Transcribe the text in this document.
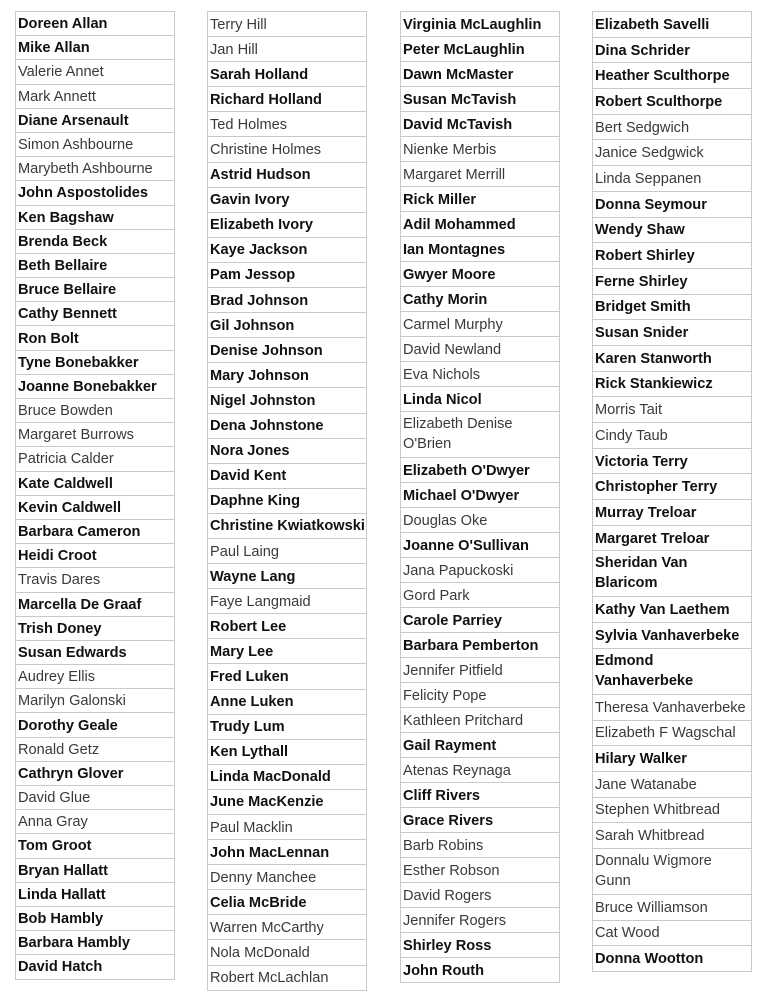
Doreen Allan
Mike Allan
Valerie Annet
Mark Annett
Diane Arsenault
Simon Ashbourne
Marybeth Ashbourne
John Aspostolides
Ken Bagshaw
Brenda Beck
Beth Bellaire
Bruce Bellaire
Cathy Bennett
Ron Bolt
Tyne Bonebakker
Joanne Bonebakker
Bruce Bowden
Margaret Burrows
Patricia Calder
Kate Caldwell
Kevin Caldwell
Barbara Cameron
Heidi Croot
Travis Dares
Marcella De Graaf
Trish Doney
Susan Edwards
Audrey Ellis
Marilyn Galonski
Dorothy Geale
Ronald Getz
Cathryn Glover
David Glue
Anna Gray
Tom Groot
Bryan Hallatt
Linda Hallatt
Bob Hambly
Barbara Hambly
David Hatch
Terry Hill
Jan Hill
Sarah Holland
Richard Holland
Ted Holmes
Christine Holmes
Astrid Hudson
Gavin Ivory
Elizabeth Ivory
Kaye Jackson
Pam Jessop
Brad Johnson
Gil Johnson
Denise Johnson
Mary Johnson
Nigel Johnston
Dena Johnstone
Nora Jones
David Kent
Daphne King
Christine Kwiatkowski
Paul Laing
Wayne Lang
Faye Langmaid
Robert Lee
Mary Lee
Fred Luken
Anne Luken
Trudy Lum
Ken Lythall
Linda MacDonald
June MacKenzie
Paul Macklin
John MacLennan
Denny Manchee
Celia McBride
Warren McCarthy
Nola McDonald
Robert McLachlan
Virginia McLaughlin
Peter McLaughlin
Dawn McMaster
Susan McTavish
David McTavish
Nienke Merbis
Margaret Merrill
Rick Miller
Adil Mohammed
Ian Montagnes
Gwyer Moore
Cathy Morin
Carmel Murphy
David Newland
Eva Nichols
Linda Nicol
Elizabeth Denise O'Brien
Elizabeth O'Dwyer
Michael O'Dwyer
Douglas Oke
Joanne O'Sullivan
Jana Papuckoski
Gord Park
Carole Parriey
Barbara Pemberton
Jennifer Pitfield
Felicity Pope
Kathleen Pritchard
Gail Rayment
Atenas Reynaga
Cliff Rivers
Grace Rivers
Barb Robins
Esther Robson
David Rogers
Jennifer Rogers
Shirley Ross
John Routh
Elizabeth Savelli
Dina Schrider
Heather Sculthorpe
Robert Sculthorpe
Bert Sedgwich
Janice Sedgwick
Linda Seppanen
Donna Seymour
Wendy Shaw
Robert Shirley
Ferne Shirley
Bridget Smith
Susan Snider
Karen Stanworth
Rick Stankiewicz
Morris Tait
Cindy Taub
Victoria Terry
Christopher Terry
Murray Treloar
Margaret Treloar
Sheridan Van Blaricom
Kathy Van Laethem
Sylvia Vanhaverbeke
Edmond Vanhaverbeke
Theresa Vanhaverbeke
Elizabeth F Wagschal
Hilary Walker
Jane Watanabe
Stephen Whitbread
Sarah Whitbread
Donnalu Wigmore Gunn
Bruce Williamson
Cat Wood
Donna Wootton
